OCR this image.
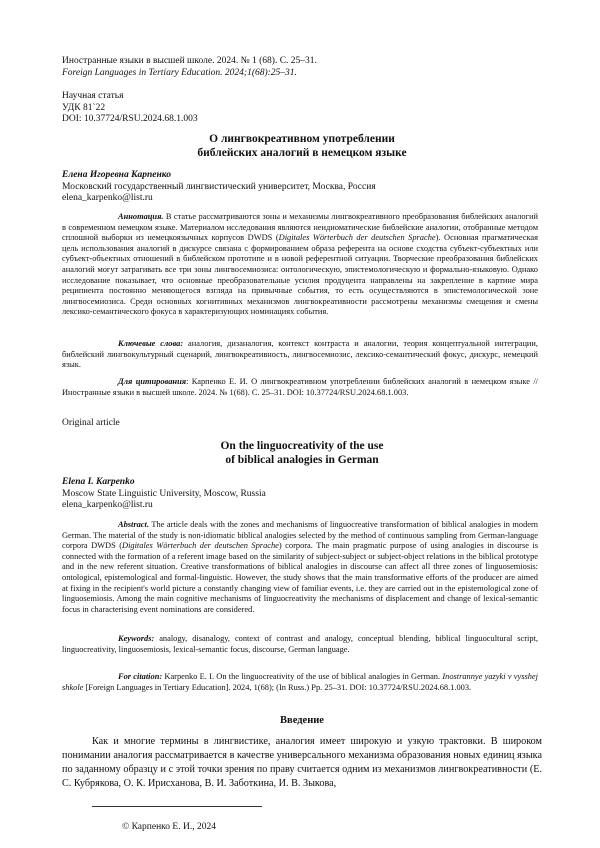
Иностранные языки в высшей школе. 2024. № 1 (68). С. 25–31.
Foreign Languages in Tertiary Education. 2024;1(68):25–31.
Научная статья
УДК 81`22
DOI: 10.37724/RSU.2024.68.1.003
О лингвокреативном употреблении
библейских аналогий в немецком языке
Елена Игоревна Карпенко
Московский государственный лингвистический университет, Москва, Россия
elena_karpenko@list.ru
Аннотация. В статье рассматриваются зоны и механизмы лингвокреативного преобразования библейских аналогий в современном немецком языке. Материалом исследования являются неидиоматические библейские аналогии, отобранные методом сплошной выборки из немецкоязычных корпусов DWDS (Digitales Wörterbuch der deutschen Sprache). Основная прагматическая цель использования аналогий в дискурсе связана с формированием образа референта на основе сходства субъект-субъектных или субъект-объектных отношений в библейском прототипе и в новой референтной ситуации. Творческие преобразования библейских аналогий могут затрагивать все три зоны лингвосемиозиса: онтологическую, эпистемологическую и формально-языковую. Однако исследование показывает, что основные преобразовательные усилия продуцента направлены на закрепление в картине мира реципиента постоянно меняющегося взгляда на привычные события, то есть осуществляются в эпистемологической зоне лингвосемиозиса. Среди основных когнитивных механизмов лингвокреативности рассмотрены механизмы смещения и смены лексико-семантического фокуса в характеризующих номинациях события.
Ключевые слова: аналогия, дизаналогия, контекст контраста и аналогии, теория концептуальной интеграции, библейский лингвокультурный сценарий, лингвокреативность, лингвосемиозис, лексико-семантический фокус, дискурс, немецкий язык.
Для цитирования: Карпенко Е. И. О лингвокреативном употреблении библейских аналогий в немецком языке // Иностранные языки в высшей школе. 2024. № 1(68). С. 25–31. DOI: 10.37724/RSU.2024.68.1.003.
Original article
On the linguocreativity of the use
of biblical analogies in German
Elena I. Karpenko
Moscow State Linguistic University, Moscow, Russia
elena_karpenko@list.ru
Abstract. The article deals with the zones and mechanisms of linguocreative transformation of biblical analogies in modern German. The material of the study is non-idiomatic biblical analogies selected by the method of continuous sampling from German-language corpora DWDS (Digitales Wörterbuch der deutschen Sprache) corpora. The main pragmatic purpose of using analogies in discourse is connected with the formation of a referent image based on the similarity of subject-subject or subject-object relations in the biblical prototype and in the new referent situation. Creative transformations of biblical analogies in discourse can affect all three zones of linguosemiosis: ontological, epistemological and formal-linguistic. However, the study shows that the main transformative efforts of the producer are aimed at fixing in the recipient's world picture a constantly changing view of familiar events, i.e. they are carried out in the epistemological zone of linguosemiosis. Among the main cognitive mechanisms of linguocreativity the mechanisms of displacement and change of lexical-semantic focus in characterising event nominations are considered.
Keywords: analogy, disanalogy, context of contrast and analogy, conceptual blending, biblical linguocultural script, linguocreativity, linguosemiosis, lexical-semantic focus, discourse, German language.
For citation: Karpenko E. I. On the linguocreativity of the use of biblical analogies in German. Inostrannye yazyki v vysshej shkole [Foreign Languages in Tertiary Education]. 2024, 1(68); (In Russ.) Pp. 25–31. DOI: 10.37724/RSU.2024.68.1.003.
Введение
Как и многие термины в лингвистике, аналогия имеет широкую и узкую трактовки. В широком понимании аналогия рассматривается в качестве универсального механизма образования новых единиц языка по заданному образцу и с этой точки зрения по праву считается одним из механизмов лингвокреативности (Е. С. Кубрякова, О. К. Ирисханова, В. И. Заботкина, И. В. Зыкова,
© Карпенко Е. И., 2024
